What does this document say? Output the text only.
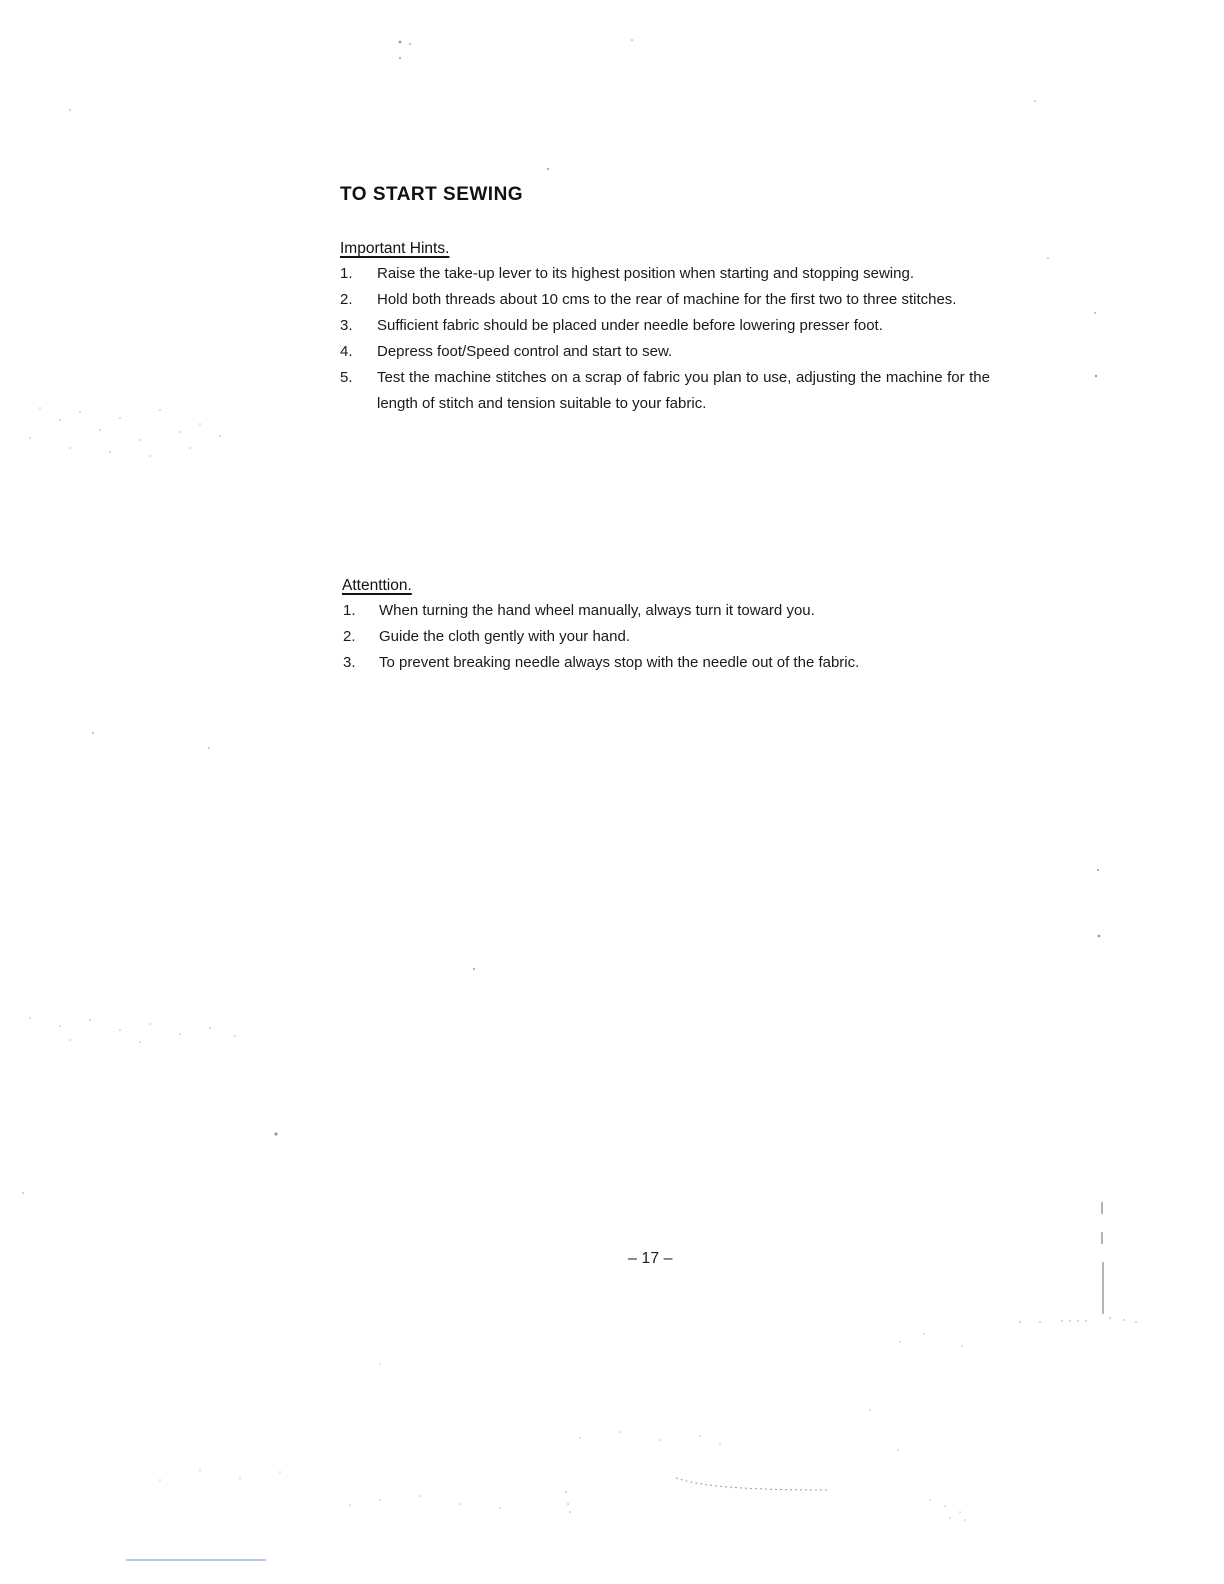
TO START SEWING
Important Hints.
1. Raise the take-up lever to its highest position when starting and stopping sewing.
2. Hold both threads about 10 cms to the rear of machine for the first two to three stitches.
3. Sufficient fabric should be placed under needle before lowering presser foot.
4. Depress foot/Speed control and start to sew.
5. Test the machine stitches on a scrap of fabric you plan to use, adjusting the machine for the length of stitch and tension suitable to your fabric.
Attenttion.
1. When turning the hand wheel manually, always turn it toward you.
2. Guide the cloth gently with your hand.
3. To prevent breaking needle always stop with the needle out of the fabric.
– 17 –
